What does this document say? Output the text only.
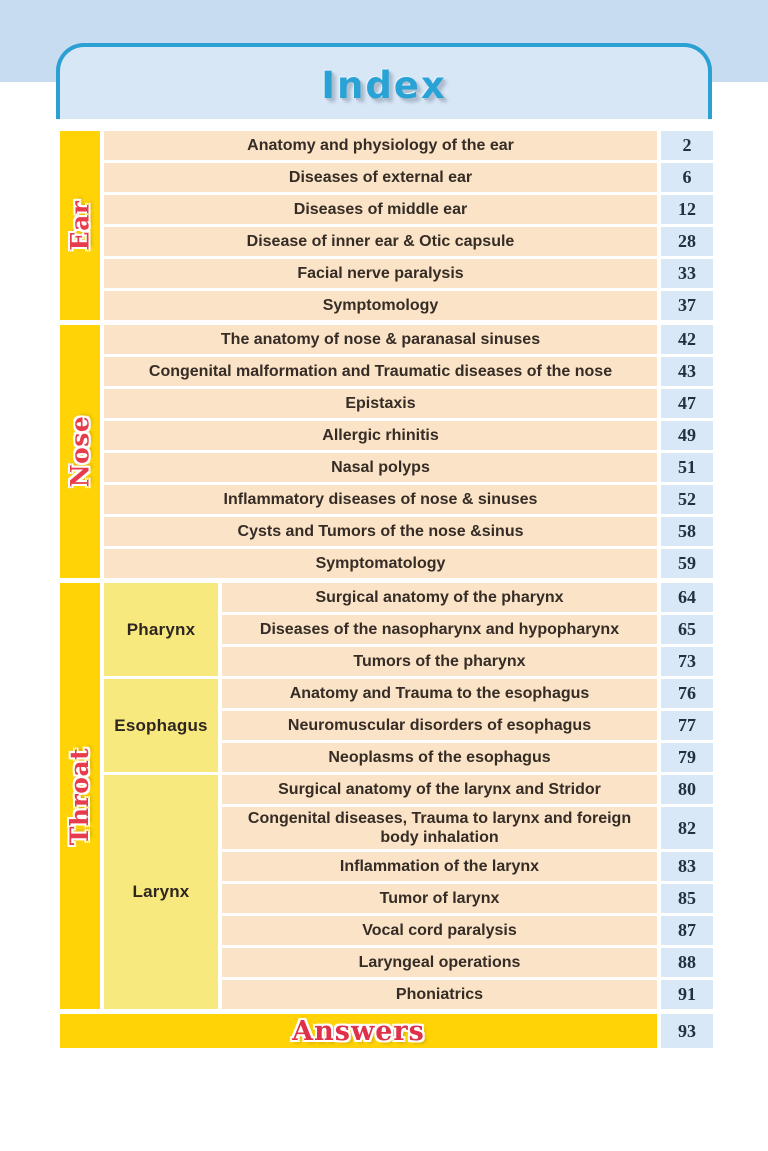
Index
Ear
Anatomy and physiology of the ear	2
Diseases of external ear	6
Diseases of middle ear	12
Disease of inner ear & Otic capsule	28
Facial nerve paralysis	33
Symptomology	37
Nose
The anatomy of nose & paranasal sinuses	42
Congenital malformation and Traumatic diseases of the nose	43
Epistaxis	47
Allergic rhinitis	49
Nasal polyps	51
Inflammatory diseases of nose & sinuses	52
Cysts and Tumors of the nose &sinus	58
Symptomatology	59
Throat
Pharynx
Surgical anatomy of the pharynx	64
Diseases of the nasopharynx and hypopharynx	65
Tumors of the pharynx	73
Esophagus
Anatomy and Trauma to the esophagus	76
Neuromuscular disorders of esophagus	77
Neoplasms of the esophagus	79
Larynx
Surgical anatomy of the larynx and Stridor	80
Congenital diseases, Trauma to larynx and foreign body inhalation	82
Inflammation of the larynx	83
Tumor of larynx	85
Vocal cord paralysis	87
Laryngeal operations	88
Phoniatrics	91
Answers	93
